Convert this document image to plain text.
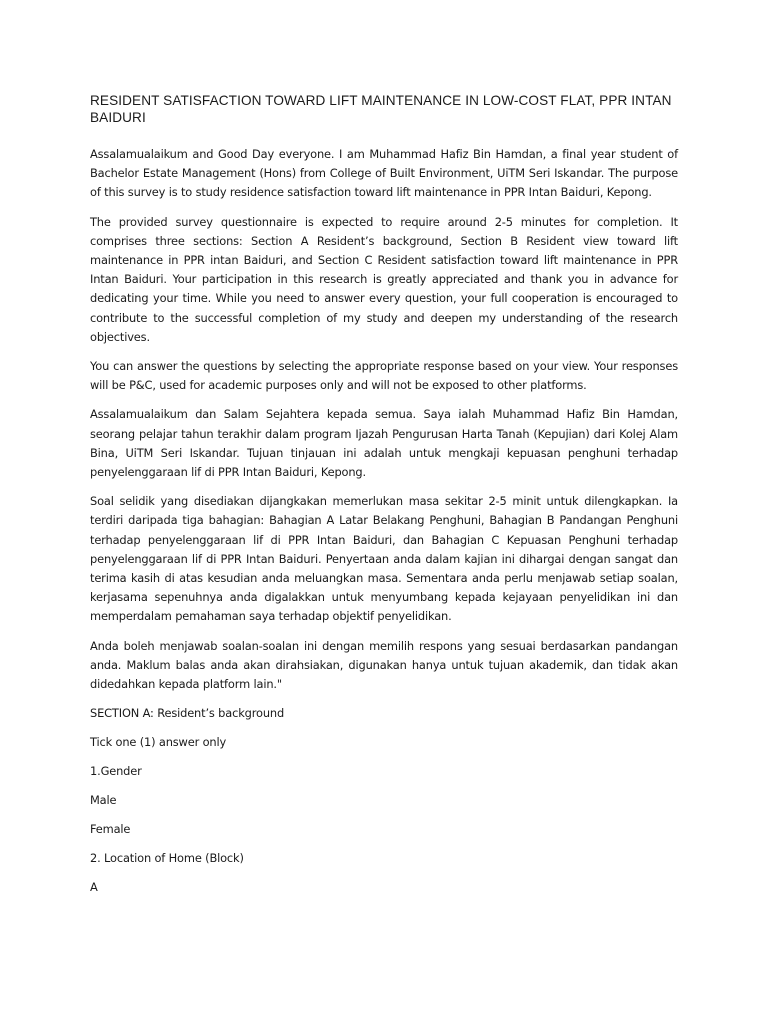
RESIDENT SATISFACTION TOWARD LIFT MAINTENANCE IN LOW-COST FLAT, PPR INTAN BAIDURI

Assalamualaikum and Good Day everyone. I am Muhammad Hafiz Bin Hamdan, a final year student of Bachelor Estate Management (Hons) from College of Built Environment, UiTM Seri Iskandar. The purpose of this survey is to study residence satisfaction toward lift maintenance in PPR Intan Baiduri, Kepong.

The provided survey questionnaire is expected to require around 2-5 minutes for completion. It comprises three sections: Section A Resident’s background, Section B Resident view toward lift maintenance in PPR intan Baiduri, and Section C Resident satisfaction toward lift maintenance in PPR Intan Baiduri. Your participation in this research is greatly appreciated and thank you in advance for dedicating your time. While you need to answer every question, your full cooperation is encouraged to contribute to the successful completion of my study and deepen my understanding of the research objectives.

You can answer the questions by selecting the appropriate response based on your view. Your responses will be P&C, used for academic purposes only and will not be exposed to other platforms.

Assalamualaikum dan Salam Sejahtera kepada semua. Saya ialah Muhammad Hafiz Bin Hamdan, seorang pelajar tahun terakhir dalam program Ijazah Pengurusan Harta Tanah (Kepujian) dari Kolej Alam Bina, UiTM Seri Iskandar. Tujuan tinjauan ini adalah untuk mengkaji kepuasan penghuni terhadap penyelenggaraan lif di PPR Intan Baiduri, Kepong.

Soal selidik yang disediakan dijangkakan memerlukan masa sekitar 2-5 minit untuk dilengkapkan. Ia terdiri daripada tiga bahagian: Bahagian A Latar Belakang Penghuni, Bahagian B Pandangan Penghuni terhadap penyelenggaraan lif di PPR Intan Baiduri, dan Bahagian C Kepuasan Penghuni terhadap penyelenggaraan lif di PPR Intan Baiduri. Penyertaan anda dalam kajian ini dihargai dengan sangat dan terima kasih di atas kesudian anda meluangkan masa. Sementara anda perlu menjawab setiap soalan, kerjasama sepenuhnya anda digalakkan untuk menyumbang kepada kejayaan penyelidikan ini dan memperdalam pemahaman saya terhadap objektif penyelidikan.

Anda boleh menjawab soalan-soalan ini dengan memilih respons yang sesuai berdasarkan pandangan anda. Maklum balas anda akan dirahsiakan, digunakan hanya untuk tujuan akademik, dan tidak akan didedahkan kepada platform lain."

SECTION A: Resident’s background
Tick one (1) answer only
1.Gender
Male
Female
2. Location of Home (Block)
A
